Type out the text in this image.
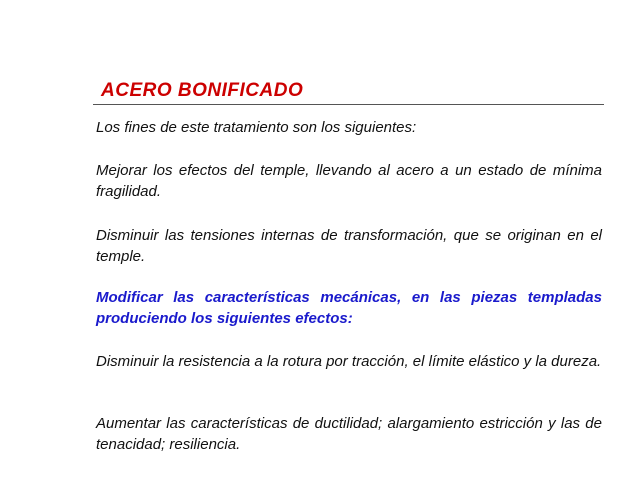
ACERO BONIFICADO
Los fines de este tratamiento son los siguientes:
Mejorar los efectos del temple, llevando al acero a un estado de mínima fragilidad.
Disminuir las tensiones internas de transformación, que se originan en el temple.
Modificar las características mecánicas, en las piezas templadas produciendo los siguientes efectos:
Disminuir la resistencia a la rotura por tracción, el límite elástico y la dureza.
Aumentar las características de ductilidad; alargamiento estricción y las de tenacidad; resiliencia.
